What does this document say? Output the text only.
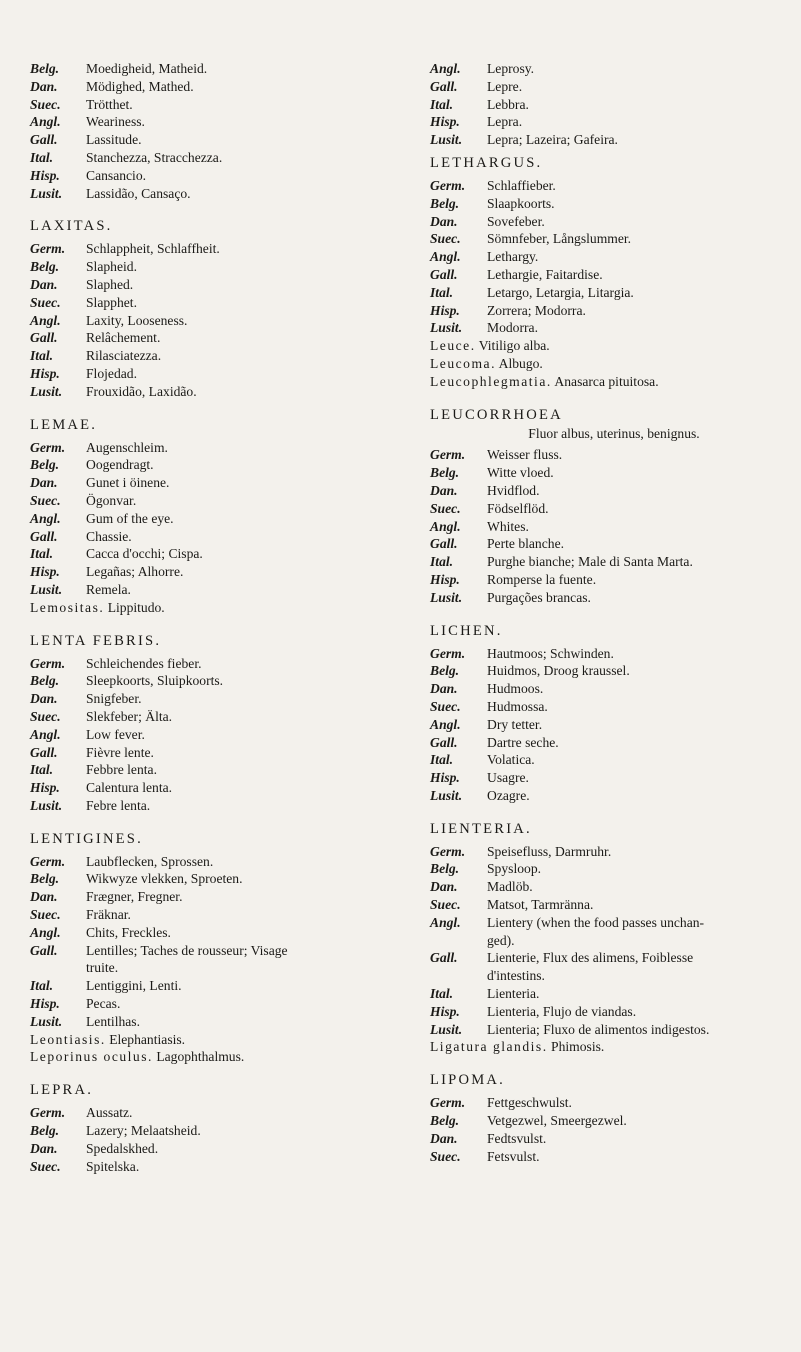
Belg.	Moedigheid, Matheid.
Dan.	Mödighed, Mathed.
Suec.	Trötthet.
Angl.	Weariness.
Gall.	Lassitude.
Ital.	Stanchezza, Stracchezza.
Hisp.	Cansancio.
Lusit.	Lassidão, Cansaço.
LAXITAS.
Germ.	Schlappheit, Schlaffheit.
Belg.	Slapheid.
Dan.	Slaphed.
Suec.	Slapphet.
Angl.	Laxity, Looseness.
Gall.	Relâchement.
Ital.	Rilasciatezza.
Hisp.	Flojedad.
Lusit.	Frouxidão, Laxidão.
LEMAE.
Germ.	Augenschleim.
Belg.	Oogendragt.
Dan.	Gunet i öinene.
Suec.	Ögonvar.
Angl.	Gum of the eye.
Gall.	Chassie.
Ital.	Cacca d'occhi; Cispa.
Hisp.	Legañas; Alhorre.
Lusit.	Remela.
Lemositas. Lippitudo.
LENTA FEBRIS.
Germ.	Schleichendes fieber.
Belg.	Sleepkoorts, Sluipkoorts.
Dan.	Snigfeber.
Suec.	Slekfeber; Älta.
Angl.	Low fever.
Gall.	Fièvre lente.
Ital.	Febbre lenta.
Hisp.	Calentura lenta.
Lusit.	Febre lenta.
LENTIGINES.
Germ.	Laubflecken, Sprossen.
Belg.	Wikwyze vlekken, Sproeten.
Dan.	Frægner, Fregner.
Suec.	Fräknar.
Angl.	Chits, Freckles.
Gall.	Lentilles; Taches de rousseur; Visage
truite.
Ital.	Lentiggini, Lenti.
Hisp.	Pecas.
Lusit.	Lentilhas.
Leontiasis. Elephantiasis.
Leporinus oculus. Lagophthalmus.
LEPRA.
Germ.	Aussatz.
Belg.	Lazery; Melaatsheid.
Dan.	Spedalskhed.
Suec.	Spitelska.
Angl.	Leprosy.
Gall.	Lepre.
Ital.	Lebbra.
Hisp.	Lepra.
Lusit.	Lepra; Lazeira; Gafeira.
LETHARGUS.
Germ.	Schlaffieber.
Belg.	Slaapkoorts.
Dan.	Sovefeber.
Suec.	Sömnfeber, Långslummer.
Angl.	Lethargy.
Gall.	Lethargie, Faitardise.
Ital.	Letargo, Letargia, Litargia.
Hisp.	Zorrera; Modorra.
Lusit.	Modorra.
Leuce. Vitiligo alba.
Leucoma. Albugo.
Leucophlegmatia. Anasarca pituitosa.
LEUCORRHOEA
Fluor albus, uterinus, benignus.
Germ.	Weisser fluss.
Belg.	Witte vloed.
Dan.	Hvidflod.
Suec.	Födselflöd.
Angl.	Whites.
Gall.	Perte blanche.
Ital.	Purghe bianche; Male di Santa Marta.
Hisp.	Romperse la fuente.
Lusit.	Purgações brancas.
LICHEN.
Germ.	Hautmoos; Schwinden.
Belg.	Huidmos, Droog kraussel.
Dan.	Hudmoos.
Suec.	Hudmossa.
Angl.	Dry tetter.
Gall.	Dartre seche.
Ital.	Volatica.
Hisp.	Usagre.
Lusit.	Ozagre.
LIENTERIA.
Germ.	Speisefluss, Darmruhr.
Belg.	Spysloop.
Dan.	Madlöb.
Suec.	Matsot, Tarmränna.
Angl.	Lientery (when the food passes unchan-
ged).
Gall.	Lienterie, Flux des alimens, Foiblesse
d'intestins.
Ital.	Lienteria.
Hisp.	Lienteria, Flujo de viandas.
Lusit.	Lienteria; Fluxo de alimentos indigestos.
Ligatura glandis. Phimosis.
LIPOMA.
Germ.	Fettgeschwulst.
Belg.	Vetgezwel, Smeergezwel.
Dan.	Fedtsvulst.
Suec.	Fetsvulst.
